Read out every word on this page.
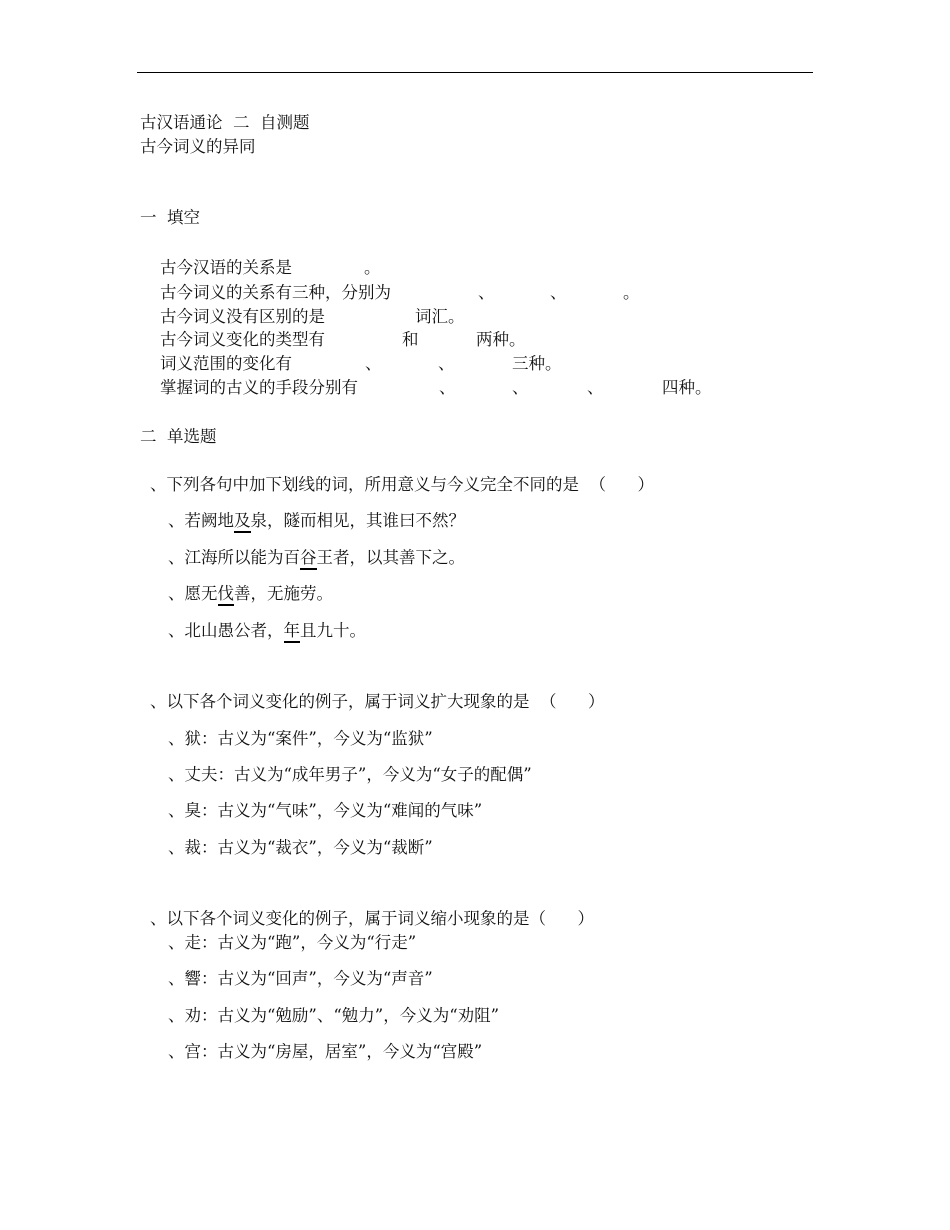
古汉语通论  二  自测题
古今词义的异同
一  填空
古今汉语的关系是	。
古今词义的关系有三种，分别为	、	、	。
古今词义没有区别的是	词汇。
古今词义变化的类型有	和	两种。
词义范围的变化有	、	、	三种。
掌握词的古义的手段分别有	、	、	、	四种。
二  单选题
、下列各句中加下划线的词，所用意义与今义完全不同的是  （      ）
、若阙地及泉，隧而相见，其谁曰不然？
、江海所以能为百谷王者，以其善下之。
、愿无伐善，无施劳。
、北山愚公者，年且九十。
、以下各个词义变化的例子，属于词义扩大现象的是  （      ）
、狱：古义为“案件”，今义为“监狱”
、丈夫：古义为“成年男子”，今义为“女子的配偶”
、臭：古义为“气味”，今义为“难闻的气味”
、裁：古义为“裁衣”，今义为“裁断”
、以下各个词义变化的例子，属于词义缩小现象的是（      ）
、走：古义为“跑”，今义为“行走”
、響：古义为“回声”，今义为“声音”
、劝：古义为“勉励”、“勉力”，今义为“劝阻”
、宫：古义为“房屋，居室”，今义为“宫殿”
